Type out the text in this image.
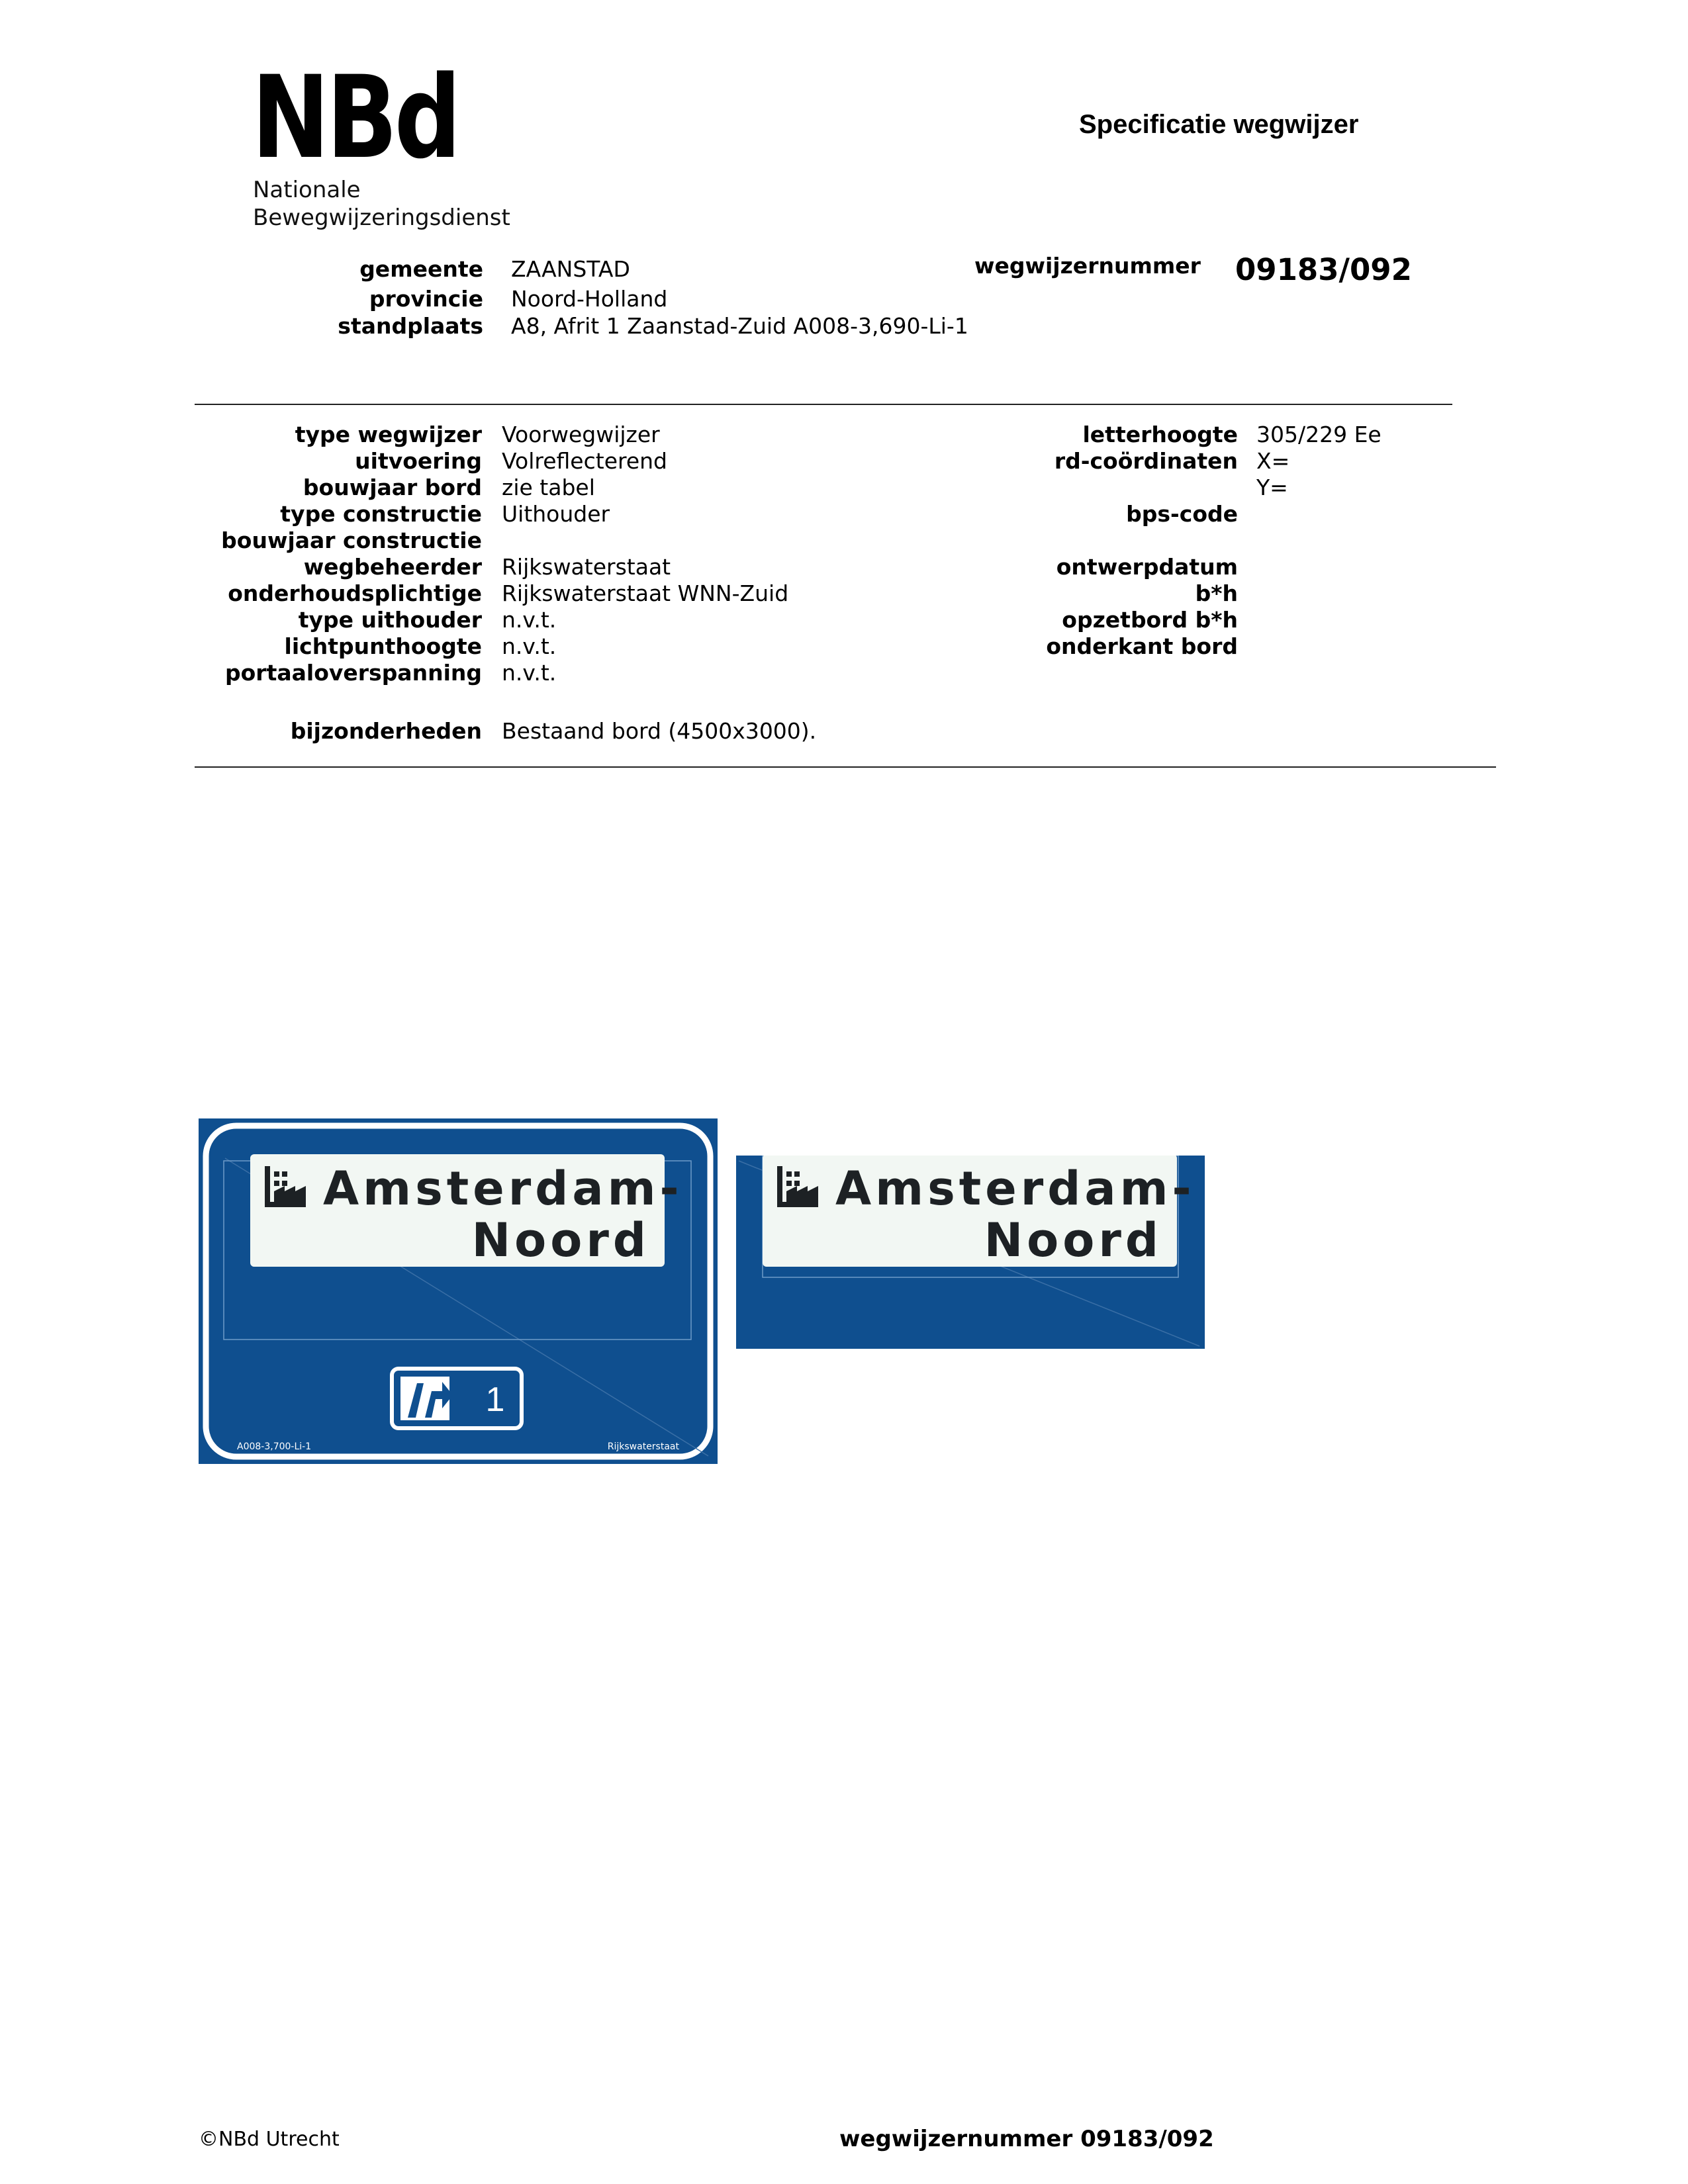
NBd
Nationale
Bewegwijzeringsdienst
Specificatie wegwijzer
gemeente ZAANSTAD
provincie Noord-Holland
standplaats A8, Afrit 1 Zaanstad-Zuid A008-3,690-Li-1
wegwijzernummer 09183/092
type wegwijzer Voorwegwijzer
uitvoering Volreflecterend
bouwjaar bord zie tabel
type constructie Uithouder
bouwjaar constructie
wegbeheerder Rijkswaterstaat
onderhoudsplichtige Rijkswaterstaat WNN-Zuid
type uithouder n.v.t.
lichtpunthoogte n.v.t.
portaaloverspanning n.v.t.
letterhoogte 305/229 Ee
rd-coördinaten X=
Y=
bps-code
ontwerpdatum
b*h
opzetbord b*h
onderkant bord
bijzonderheden Bestaand bord (4500x3000).
Amsterdam-
Noord
1
A008-3,700-Li-1	Rijkswaterstaat
Amsterdam-
Noord
©NBd Utrecht	wegwijzernummer 09183/092
